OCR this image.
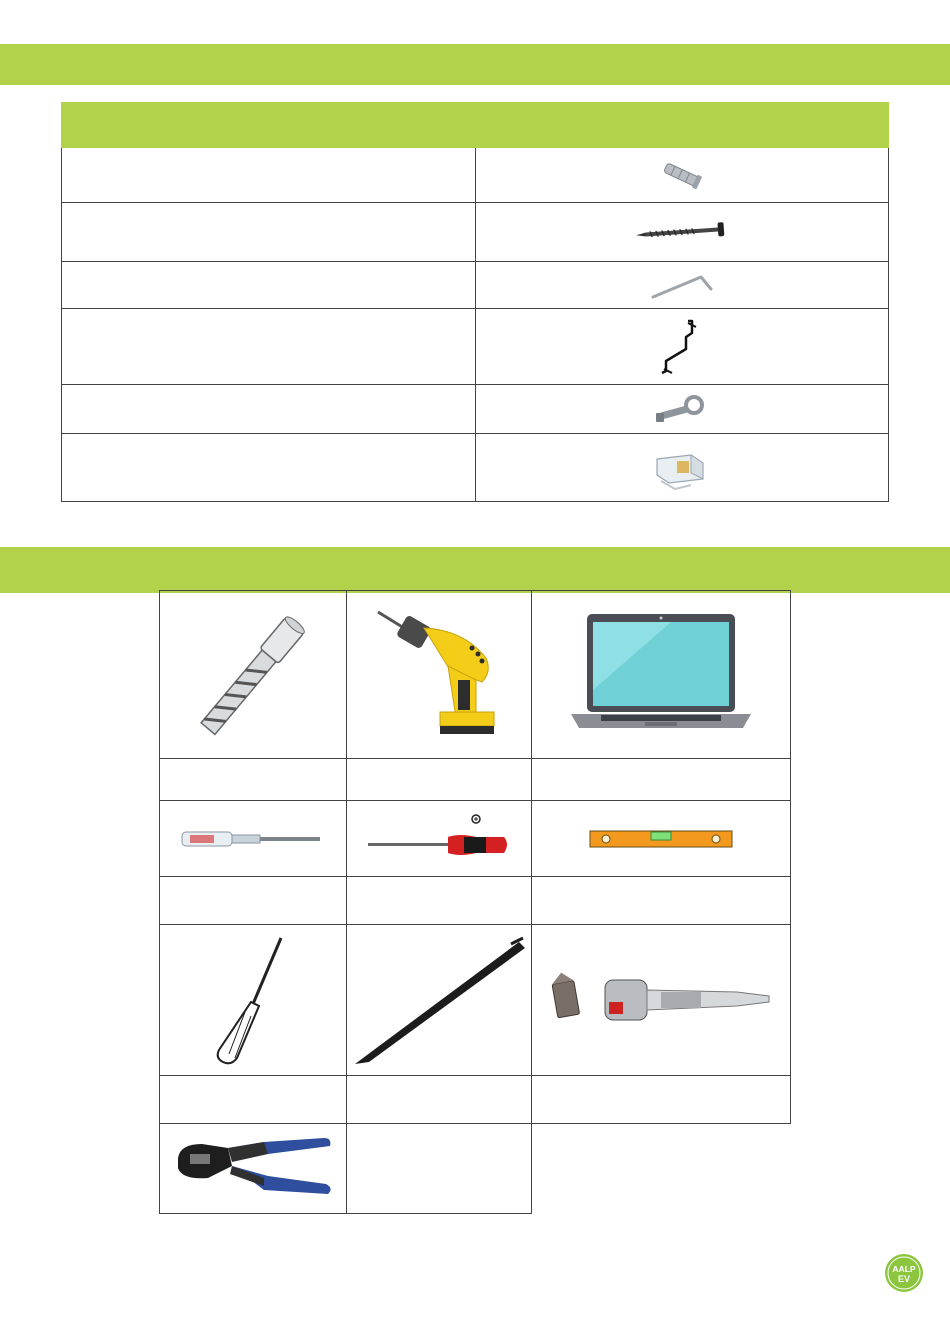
AALP
EV
